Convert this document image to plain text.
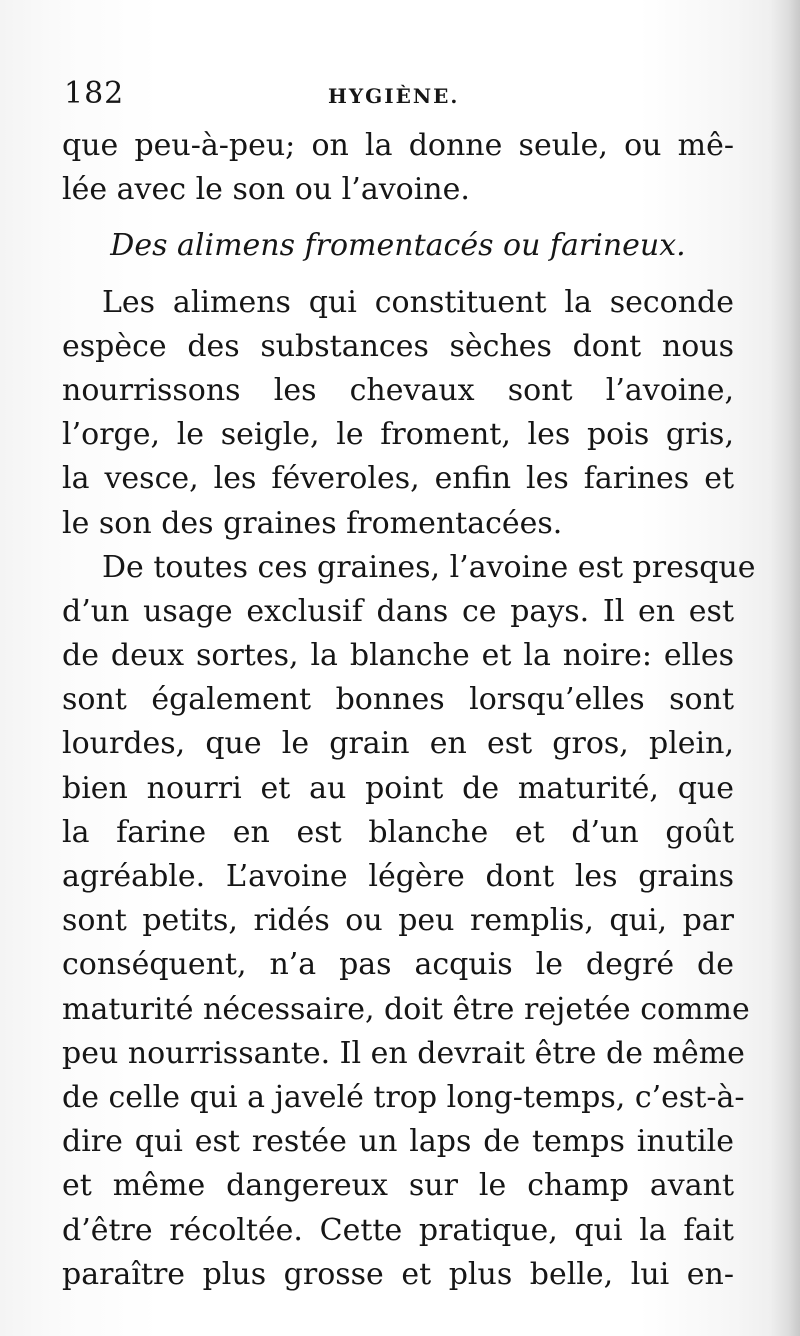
182	HYGIÈNE.
que peu-à-peu; on la donne seule, ou mê-
lée avec le son ou l’avoine.
Des alimens fromentacés ou farineux.
Les alimens qui constituent la seconde
espèce des substances sèches dont nous
nourrissons les chevaux sont l’avoine,
l’orge, le seigle, le froment, les pois gris,
la vesce, les féveroles, enfin les farines et
le son des graines fromentacées.
De toutes ces graines, l’avoine est presque
d’un usage exclusif dans ce pays. Il en est
de deux sortes, la blanche et la noire: elles
sont également bonnes lorsqu’elles sont
lourdes, que le grain en est gros, plein,
bien nourri et au point de maturité, que
la farine en est blanche et d’un goût
agréable. L’avoine légère dont les grains
sont petits, ridés ou peu remplis, qui, par
conséquent, n’a pas acquis le degré de
maturité nécessaire, doit être rejetée comme
peu nourrissante. Il en devrait être de même
de celle qui a javelé trop long-temps, c’est-à-
dire qui est restée un laps de temps inutile
et même dangereux sur le champ avant
d’être récoltée. Cette pratique, qui la fait
paraître plus grosse et plus belle, lui en-
